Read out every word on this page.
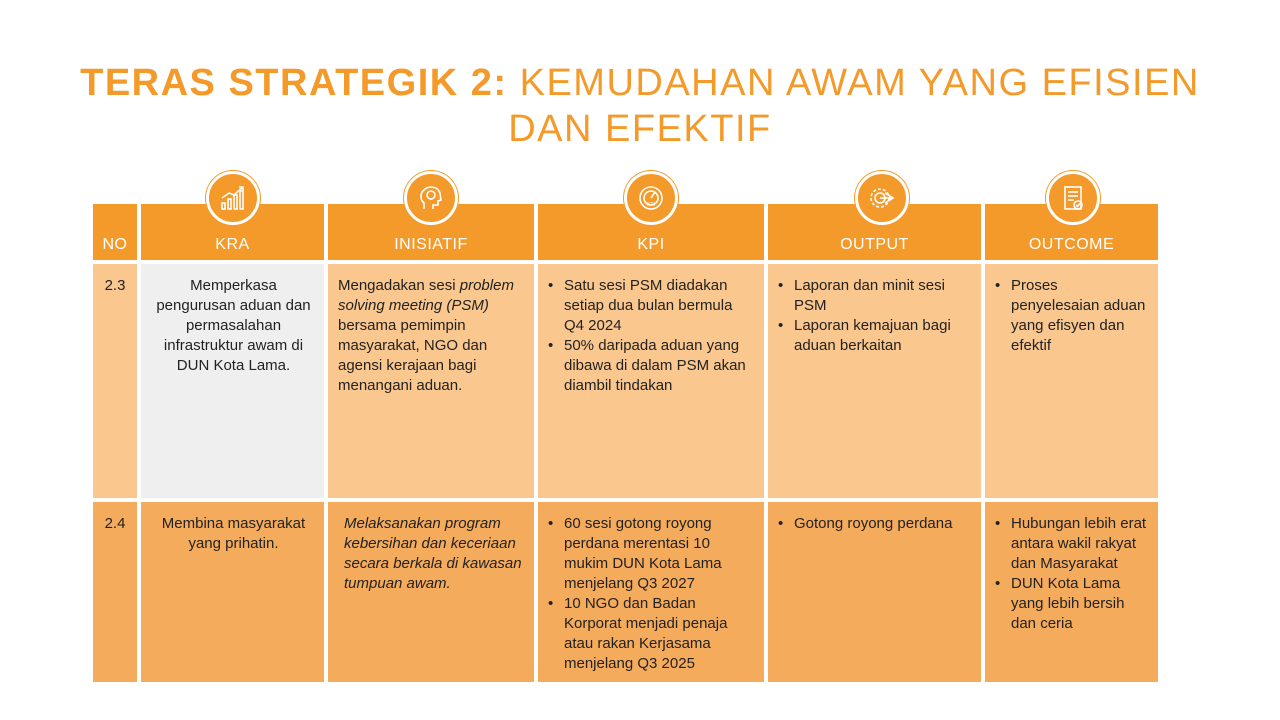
TERAS STRATEGIK 2: KEMUDAHAN AWAM YANG EFISIEN DAN EFEKTIF
NO	KRA	INISIATIF	KPI	OUTPUT	OUTCOME
KPI
2.3	Memperkasa pengurusan aduan dan permasalahan infrastruktur awam di DUN Kota Lama.
Mengadakan sesi problem solving meeting (PSM) bersama pemimpin masyarakat, NGO dan agensi kerajaan bagi menangani aduan.
• Satu sesi PSM diadakan setiap dua bulan bermula Q4 2024
• 50% daripada aduan yang dibawa di dalam PSM akan diambil tindakan
• Laporan dan minit sesi PSM
• Laporan kemajuan bagi aduan berkaitan
• Proses penyelesaian aduan yang efisyen dan efektif
2.4	Membina masyarakat yang prihatin.
Melaksanakan program kebersihan dan keceriaan secara berkala di kawasan tumpuan awam.
• 60 sesi gotong royong perdana merentasi 10 mukim DUN Kota Lama menjelang Q3 2027
• 10 NGO dan Badan Korporat menjadi penaja atau rakan Kerjasama menjelang Q3 2025
• Gotong royong perdana
•	Hubungan lebih erat antara wakil rakyat dan Masyarakat
• DUN Kota Lama yang lebih bersih dan ceria
